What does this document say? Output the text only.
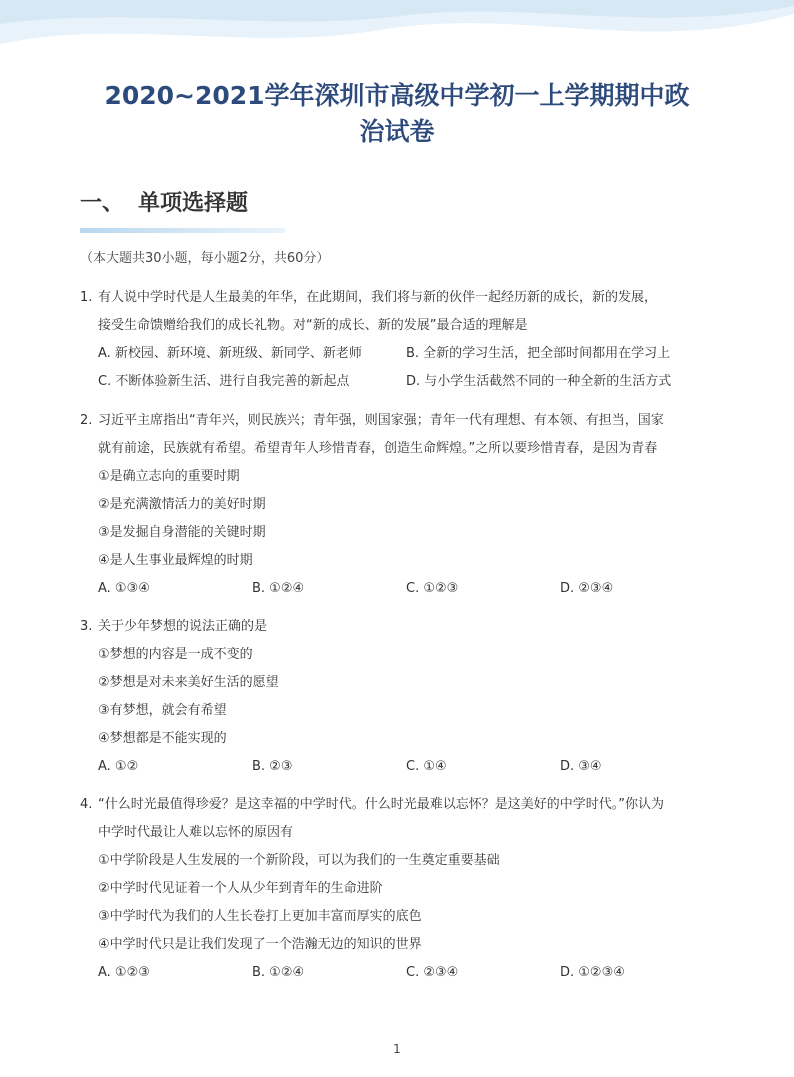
2020~2021学年深圳市高级中学初一上学期期中政
治试卷
一、 单项选择题
（本大题共30小题，每小题2分，共60分）
1. 有人说中学时代是人生最美的年华，在此期间，我们将与新的伙伴一起经历新的成长，新的发展，
接受生命馈赠给我们的成长礼物。对“新的成长、新的发展”最合适的理解是
A. 新校园、新环境、新班级、新同学、新老师	B. 全新的学习生活，把全部时间都用在学习上
C. 不断体验新生活、进行自我完善的新起点	D. 与小学生活截然不同的一种全新的生活方式
2. 习近平主席指出“青年兴，则民族兴；青年强，则国家强；青年一代有理想、有本领、有担当，国家
就有前途，民族就有希望。希望青年人珍惜青春，创造生命辉煌。”之所以要珍惜青春，是因为青春
①是确立志向的重要时期
②是充满激情活力的美好时期
③是发掘自身潜能的关键时期
④是人生事业最辉煌的时期
A. ①③④	B. ①②④	C. ①②③	D. ②③④
3. 关于少年梦想的说法正确的是
①梦想的内容是一成不变的
②梦想是对未来美好生活的愿望
③有梦想，就会有希望
④梦想都是不能实现的
A. ①②	B. ②③	C. ①④	D. ③④
4. “什么时光最值得珍爱？是这幸福的中学时代。什么时光最难以忘怀？是这美好的中学时代。”你认为
中学时代最让人难以忘怀的原因有
①中学阶段是人生发展的一个新阶段，可以为我们的一生奠定重要基础
②中学时代见证着一个人从少年到青年的生命进阶
③中学时代为我们的人生长卷打上更加丰富而厚实的底色
④中学时代只是让我们发现了一个浩瀚无边的知识的世界
A. ①②③	B. ①②④	C. ②③④	D. ①②③④
1
